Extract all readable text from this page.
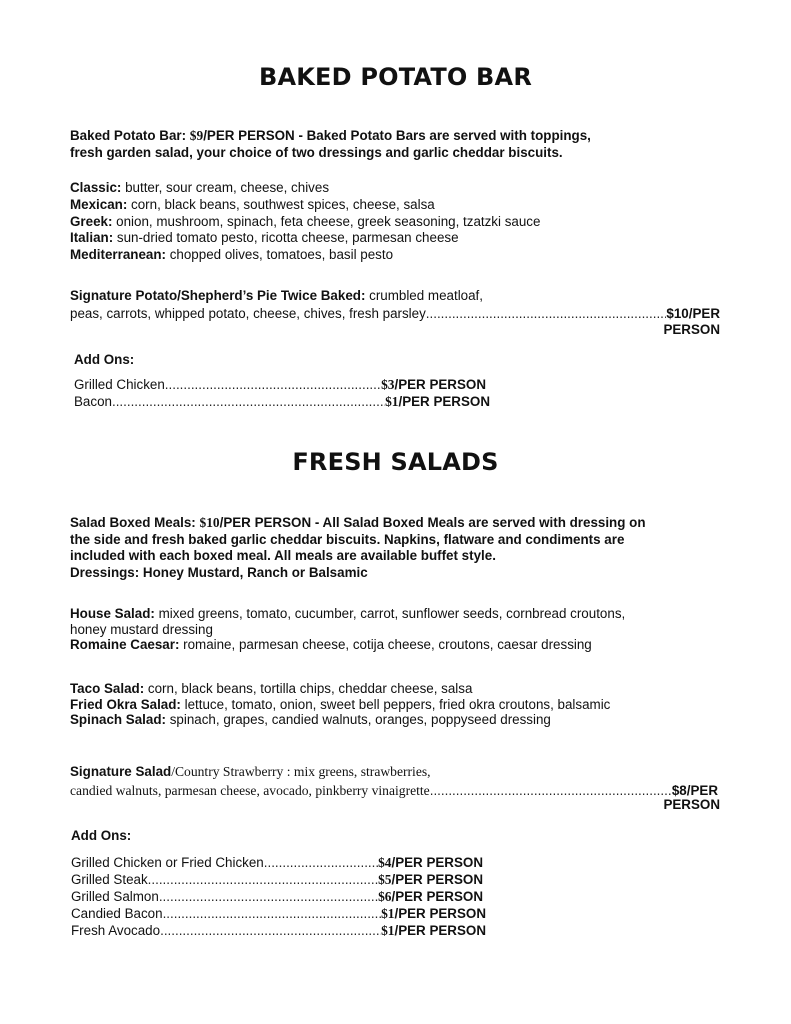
BAKED POTATO BAR
Baked Potato Bar: $9/PER PERSON - Baked Potato Bars are served with toppings,
fresh garden salad, your choice of two dressings and garlic cheddar biscuits.
Classic: butter, sour cream, cheese, chives
Mexican: corn, black beans, southwest spices, cheese, salsa
Greek: onion, mushroom, spinach, feta cheese, greek seasoning, tzatzki sauce
Italian: sun-dried tomato pesto, ricotta cheese, parmesan cheese
Mediterranean: chopped olives, tomatoes, basil pesto
Signature Potato/Shepherd’s Pie Twice Baked: crumbled meatloaf,
peas, carrots, whipped potato, cheese, chives, fresh parsley .....	$10/PER
PERSON
Add Ons:
Grilled Chicken .....	$3/PER PERSON
Bacon .....	$1/PER PERSON
FRESH SALADS
Salad Boxed Meals: $10/PER PERSON - All Salad Boxed Meals are served with dressing on
the side and fresh baked garlic cheddar biscuits. Napkins, flatware and condiments are
included with each boxed meal. All meals are available buffet style.
Dressings: Honey Mustard, Ranch or Balsamic
House Salad: mixed greens, tomato, cucumber, carrot, sunflower seeds, cornbread croutons,
honey mustard dressing
Romaine Caesar: romaine, parmesan cheese, cotija cheese, croutons, caesar dressing
Taco Salad: corn, black beans, tortilla chips, cheddar cheese, salsa
Fried Okra Salad: lettuce, tomato, onion, sweet bell peppers, fried okra croutons, balsamic
Spinach Salad: spinach, grapes, candied walnuts, oranges, poppyseed dressing
Signature Salad/Country Strawberry : mix greens, strawberries,
candied walnuts, parmesan cheese, avocado, pinkberry vinaigrette .....	$8/PER
PERSON
Add Ons:
Grilled Chicken or Fried Chicken .....	$4/PER PERSON
Grilled Steak .....	$5/PER PERSON
Grilled Salmon .....	$6/PER PERSON
Candied Bacon .....	$1/PER PERSON
Fresh Avocado .....	$1/PER PERSON
